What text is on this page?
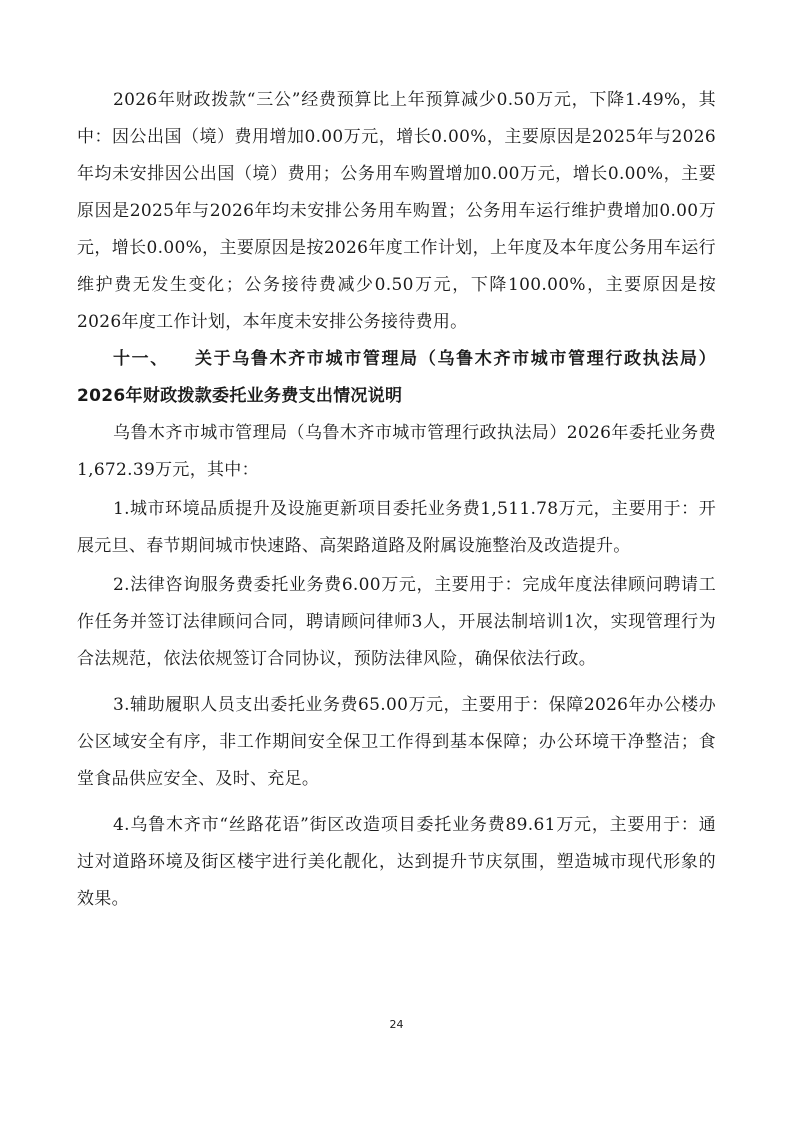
2026年财政拨款“三公”经费预算比上年预算减少0.50万元，下降1.49%，其中：因公出国（境）费用增加0.00万元，增长0.00%，主要原因是2025年与2026年均未安排因公出国（境）费用；公务用车购置增加0.00万元，增长0.00%，主要原因是2025年与2026年均未安排公务用车购置；公务用车运行维护费增加0.00万元，增长0.00%，主要原因是按2026年度工作计划，上年度及本年度公务用车运行维护费无发生变化；公务接待费减少0.50万元，下降100.00%，主要原因是按2026年度工作计划，本年度未安排公务接待费用。

十一、 关于乌鲁木齐市城市管理局（乌鲁木齐市城市管理行政执法局）2026年财政拨款委托业务费支出情况说明

乌鲁木齐市城市管理局（乌鲁木齐市城市管理行政执法局）2026年委托业务费1,672.39万元，其中：

1.城市环境品质提升及设施更新项目委托业务费1,511.78万元，主要用于：开展元旦、春节期间城市快速路、高架路道路及附属设施整治及改造提升。

2.法律咨询服务费委托业务费6.00万元，主要用于：完成年度法律顾问聘请工作任务并签订法律顾问合同，聘请顾问律师3人，开展法制培训1次，实现管理行为合法规范，依法依规签订合同协议，预防法律风险，确保依法行政。

3.辅助履职人员支出委托业务费65.00万元，主要用于：保障2026年办公楼办公区域安全有序，非工作期间安全保卫工作得到基本保障；办公环境干净整洁；食堂食品供应安全、及时、充足。

4.乌鲁木齐市“丝路花语”街区改造项目委托业务费89.61万元，主要用于：通过对道路环境及街区楼宇进行美化靓化，达到提升节庆氛围，塑造城市现代形象的效果。

24
